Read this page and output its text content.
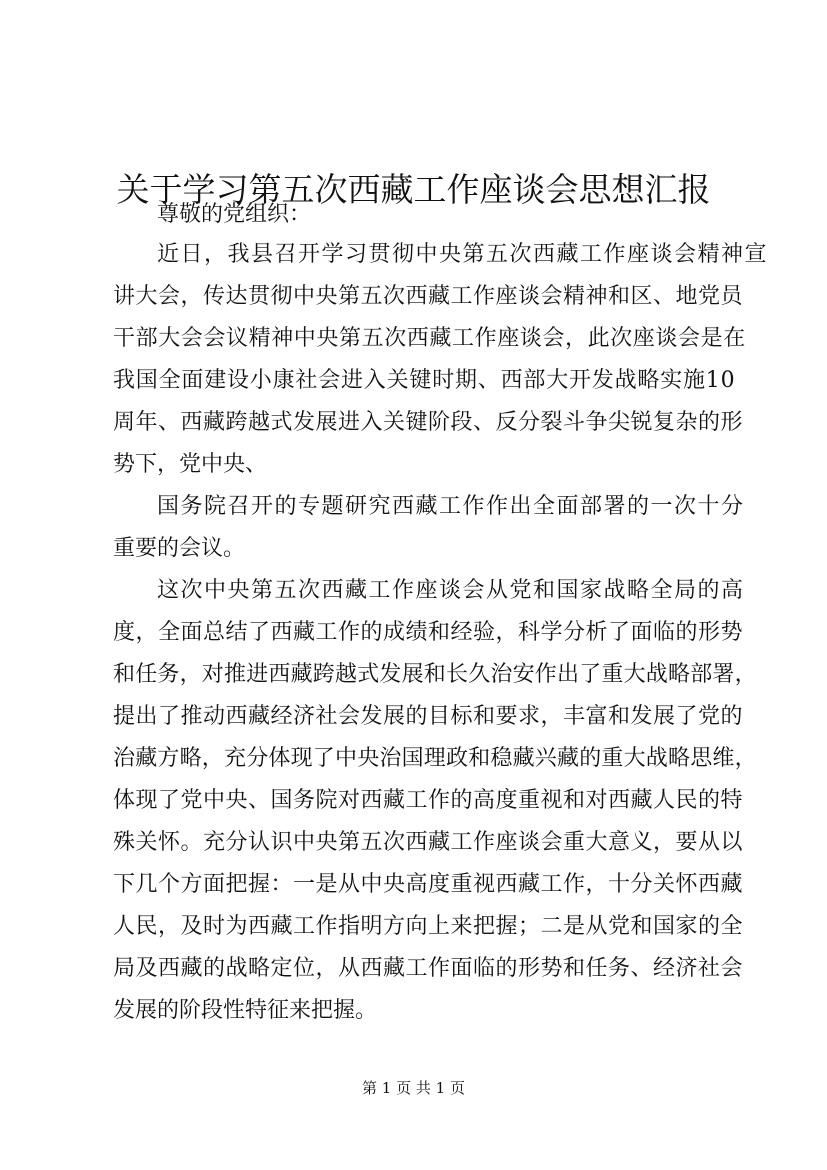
关于学习第五次西藏工作座谈会思想汇报

尊敬的党组织：

近日，我县召开学习贯彻中央第五次西藏工作座谈会精神宣

讲大会，传达贯彻中央第五次西藏工作座谈会精神和区、地党员

干部大会会议精神中央第五次西藏工作座谈会，此次座谈会是在

我国全面建设小康社会进入关键时期、西部大开发战略实施10

周年、西藏跨越式发展进入关键阶段、反分裂斗争尖锐复杂的形

势下，党中央、

国务院召开的专题研究西藏工作作出全面部署的一次十分

重要的会议。

这次中央第五次西藏工作座谈会从党和国家战略全局的高

度，全面总结了西藏工作的成绩和经验，科学分析了面临的形势

和任务，对推进西藏跨越式发展和长久治安作出了重大战略部署，

提出了推动西藏经济社会发展的目标和要求，丰富和发展了党的

治藏方略，充分体现了中央治国理政和稳藏兴藏的重大战略思维，

体现了党中央、国务院对西藏工作的高度重视和对西藏人民的特

殊关怀。充分认识中央第五次西藏工作座谈会重大意义，要从以

下几个方面把握：一是从中央高度重视西藏工作，十分关怀西藏

人民，及时为西藏工作指明方向上来把握；二是从党和国家的全

局及西藏的战略定位，从西藏工作面临的形势和任务、经济社会

发展的阶段性特征来把握。

第 1 页 共 1 页
